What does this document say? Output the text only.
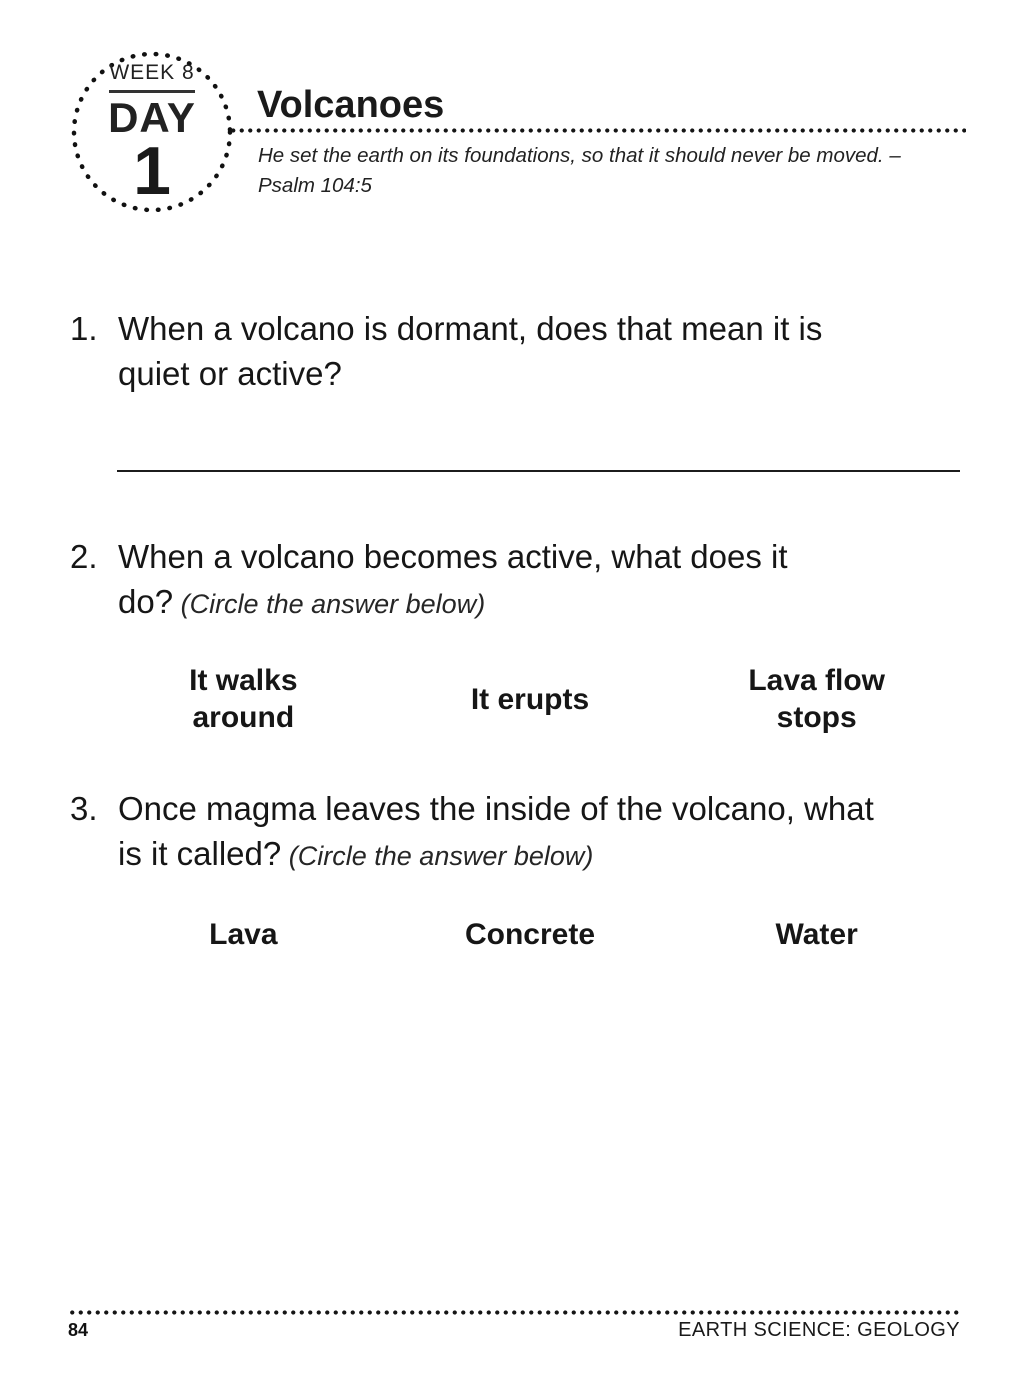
WEEK 8
DAY
1
Volcanoes
He set the earth on its foundations, so that it should never be moved. – Psalm 104:5
1. When a volcano is dormant, does that mean it is quiet or active?
2. When a volcano becomes active, what does it do? (Circle the answer below)
It walks around
It erupts
Lava flow stops
3. Once magma leaves the inside of the volcano, what is it called? (Circle the answer below)
Lava	Concrete	Water
84	EARTH SCIENCE: GEOLOGY
